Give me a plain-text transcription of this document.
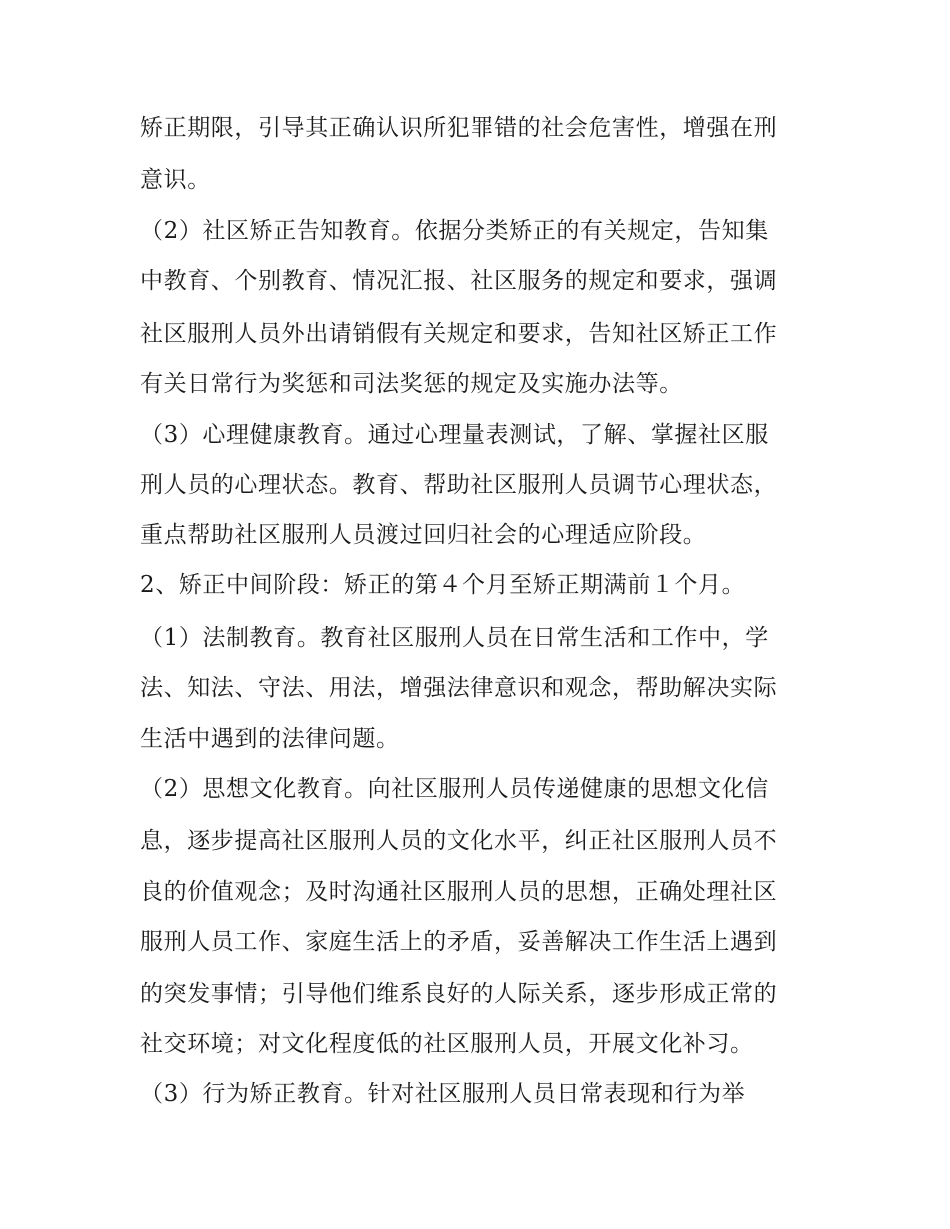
矫正期限，引导其正确认识所犯罪错的社会危害性，增强在刑
意识。
（2）社区矫正告知教育。依据分类矫正的有关规定，告知集
中教育、个别教育、情况汇报、社区服务的规定和要求，强调
社区服刑人员外出请销假有关规定和要求，告知社区矫正工作
有关日常行为奖惩和司法奖惩的规定及实施办法等。
（3）心理健康教育。通过心理量表测试，了解、掌握社区服
刑人员的心理状态。教育、帮助社区服刑人员调节心理状态，
重点帮助社区服刑人员渡过回归社会的心理适应阶段。
2、矫正中间阶段：矫正的第４个月至矫正期满前１个月。
（1）法制教育。教育社区服刑人员在日常生活和工作中，学
法、知法、守法、用法，增强法律意识和观念，帮助解决实际
生活中遇到的法律问题。
（2）思想文化教育。向社区服刑人员传递健康的思想文化信
息，逐步提高社区服刑人员的文化水平，纠正社区服刑人员不
良的价值观念；及时沟通社区服刑人员的思想，正确处理社区
服刑人员工作、家庭生活上的矛盾，妥善解决工作生活上遇到
的突发事情；引导他们维系良好的人际关系，逐步形成正常的
社交环境；对文化程度低的社区服刑人员，开展文化补习。
（3）行为矫正教育。针对社区服刑人员日常表现和行为举
